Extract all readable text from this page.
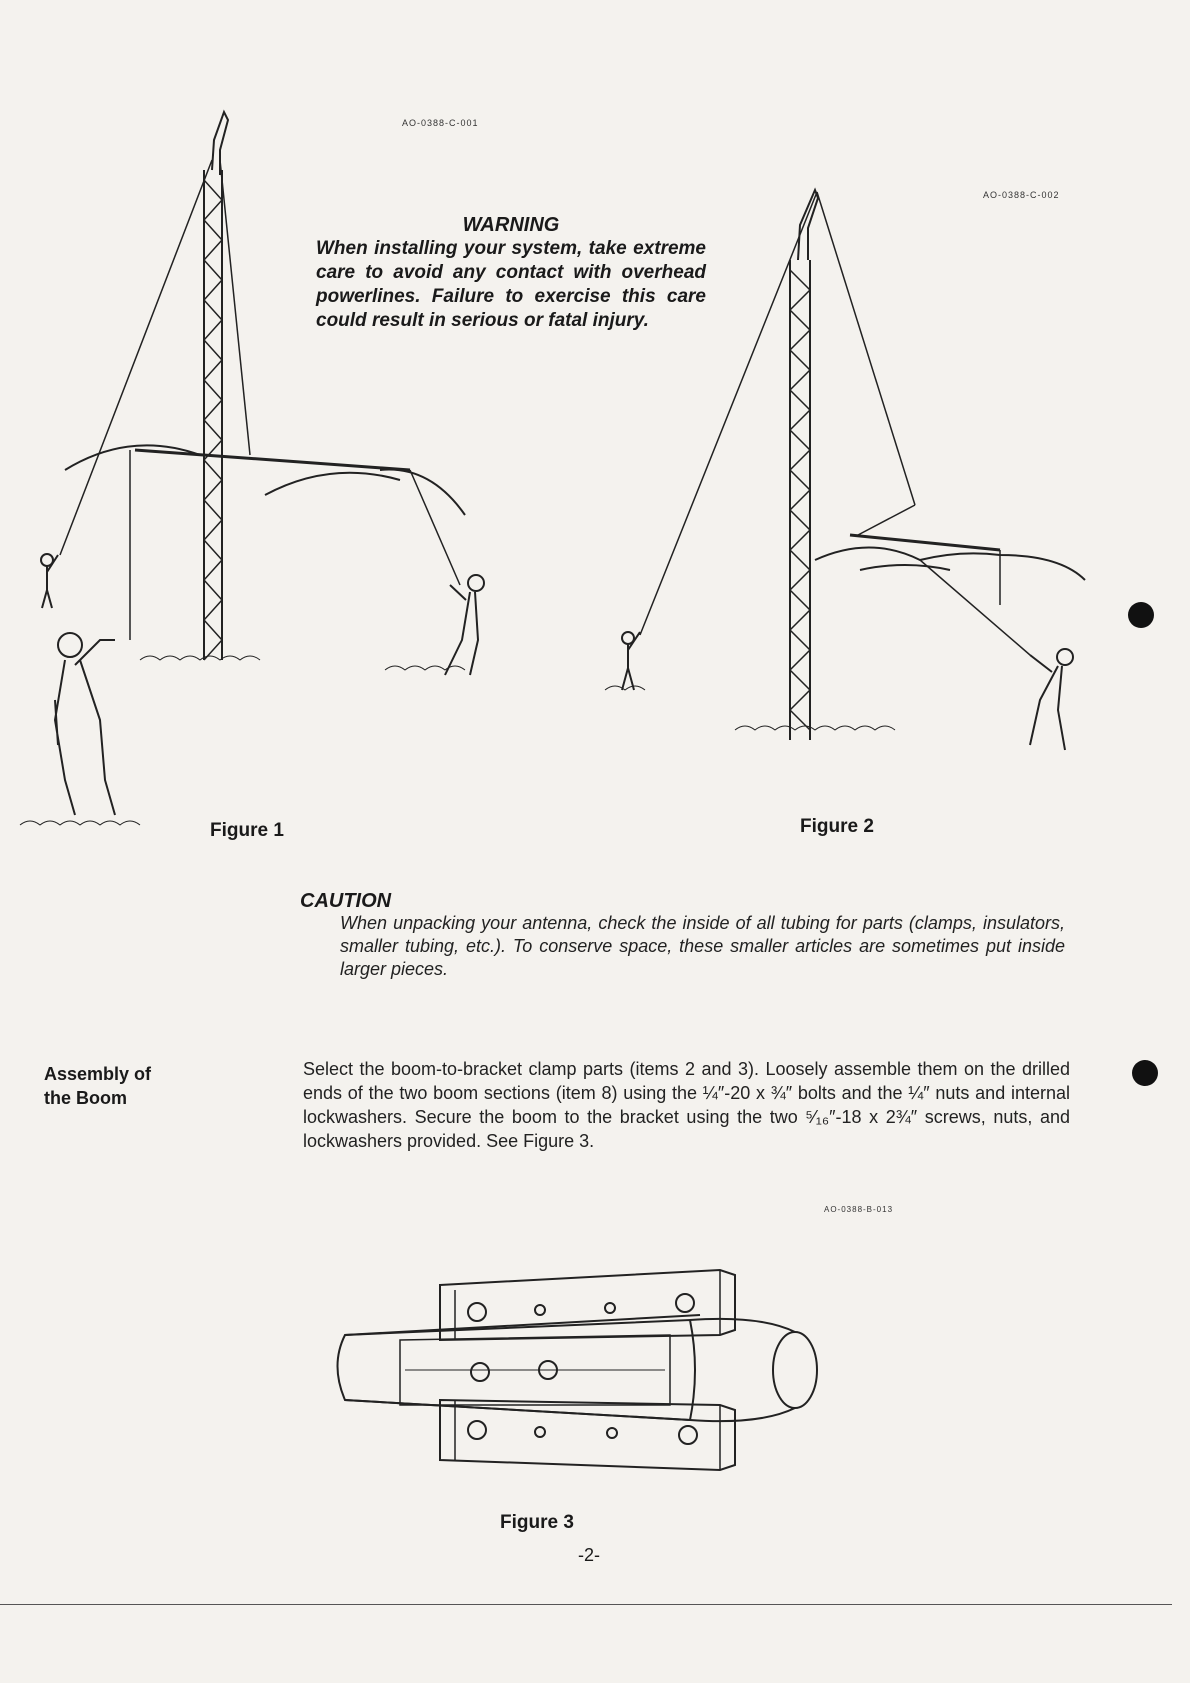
AO-0388-C-001
WARNING
When installing your system, take extreme care to avoid any contact with overhead powerlines. Failure to exercise this care could result in serious or fatal injury.
Figure 1
AO-0388-C-002
Figure 2
CAUTION
When unpacking your antenna, check the inside of all tubing for parts (clamps, insulators, smaller tubing, etc.). To conserve space, these smaller articles are sometimes put inside larger pieces.
Assembly of
the Boom
Select the boom-to-bracket clamp parts (items 2 and 3). Loosely assemble them on the drilled ends of the two boom sections (item 8) using the ¼″-20 x ¾″ bolts and the ¼″ nuts and internal lockwashers. Secure the boom to the bracket using the two ⁵⁄₁₆″-18 x 2¾″ screws, nuts, and lockwashers provided. See Figure 3.
AO-0388-B-013
Figure 3
-2-
